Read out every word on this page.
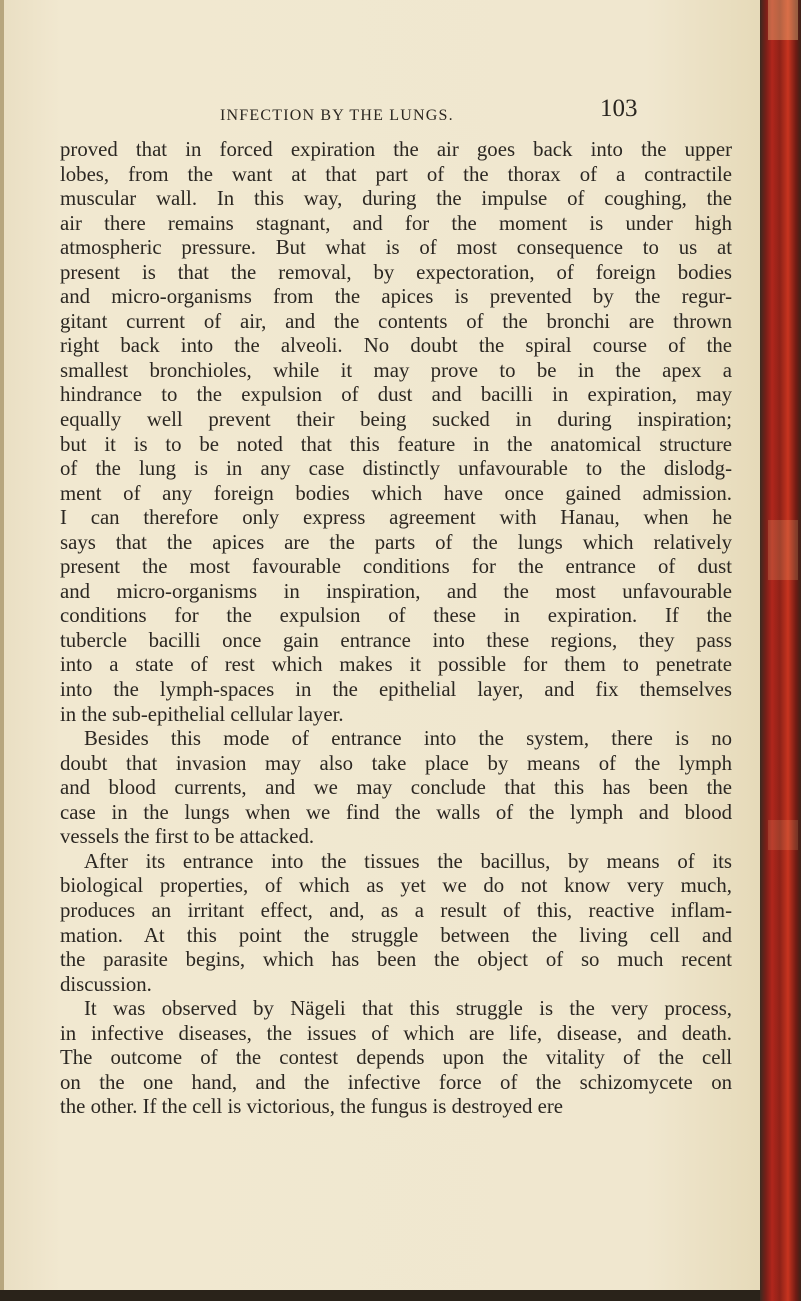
INFECTION BY THE LUNGS.	103
proved that in forced expiration the air goes back into the upper
lobes, from the want at that part of the thorax of a contractile
muscular wall. In this way, during the impulse of coughing, the
air there remains stagnant, and for the moment is under high
atmospheric pressure. But what is of most consequence to us at
present is that the removal, by expectoration, of foreign bodies
and micro-organisms from the apices is prevented by the regur-
gitant current of air, and the contents of the bronchi are thrown
right back into the alveoli. No doubt the spiral course of the
smallest bronchioles, while it may prove to be in the apex a
hindrance to the expulsion of dust and bacilli in expiration, may
equally well prevent their being sucked in during inspiration;
but it is to be noted that this feature in the anatomical structure
of the lung is in any case distinctly unfavourable to the dislodg-
ment of any foreign bodies which have once gained admission.
I can therefore only express agreement with Hanau, when he
says that the apices are the parts of the lungs which relatively
present the most favourable conditions for the entrance of dust
and micro-organisms in inspiration, and the most unfavourable
conditions for the expulsion of these in expiration. If the
tubercle bacilli once gain entrance into these regions, they pass
into a state of rest which makes it possible for them to penetrate
into the lymph-spaces in the epithelial layer, and fix themselves
in the sub-epithelial cellular layer.
Besides this mode of entrance into the system, there is no
doubt that invasion may also take place by means of the lymph
and blood currents, and we may conclude that this has been the
case in the lungs when we find the walls of the lymph and blood
vessels the first to be attacked.
After its entrance into the tissues the bacillus, by means of its
biological properties, of which as yet we do not know very much,
produces an irritant effect, and, as a result of this, reactive inflam-
mation. At this point the struggle between the living cell and
the parasite begins, which has been the object of so much recent
discussion.
It was observed by Nägeli that this struggle is the very process,
in infective diseases, the issues of which are life, disease, and death.
The outcome of the contest depends upon the vitality of the cell
on the one hand, and the infective force of the schizomycete on
the other. If the cell is victorious, the fungus is destroyed ere
